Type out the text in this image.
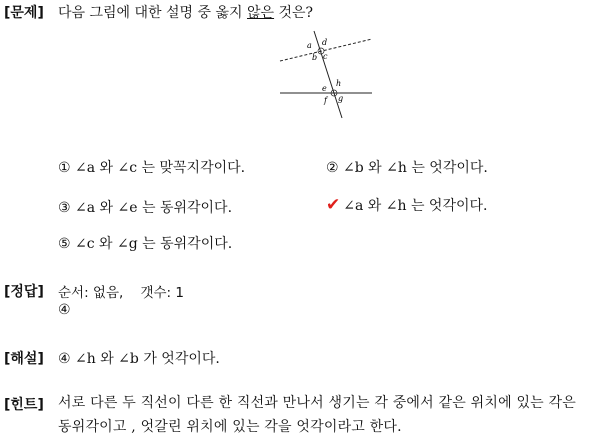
[문제] 다음 그림에 대한 설명 중 옳지 않은 것은?
a d
b c
e
h
f g
① ∠a 와 ∠c 는 맞꼭지각이다.	② ∠b 와 ∠h 는 엇각이다.
③ ∠a 와 ∠e 는 동위각이다.	✔ ∠a 와 ∠h 는 엇각이다.
⑤ ∠c 와 ∠g 는 동위각이다.
[정답] 순서: 없음, 갯수: 1
④
[해설] ④ ∠h 와 ∠b 가 엇각이다.
[힌트] 서로 다른 두 직선이 다른 한 직선과 만나서 생기는 각 중에서 같은 위치에 있는 각은 동위각이고 , 엇갈린 위치에 있는 각을 엇각이라고 한다.
